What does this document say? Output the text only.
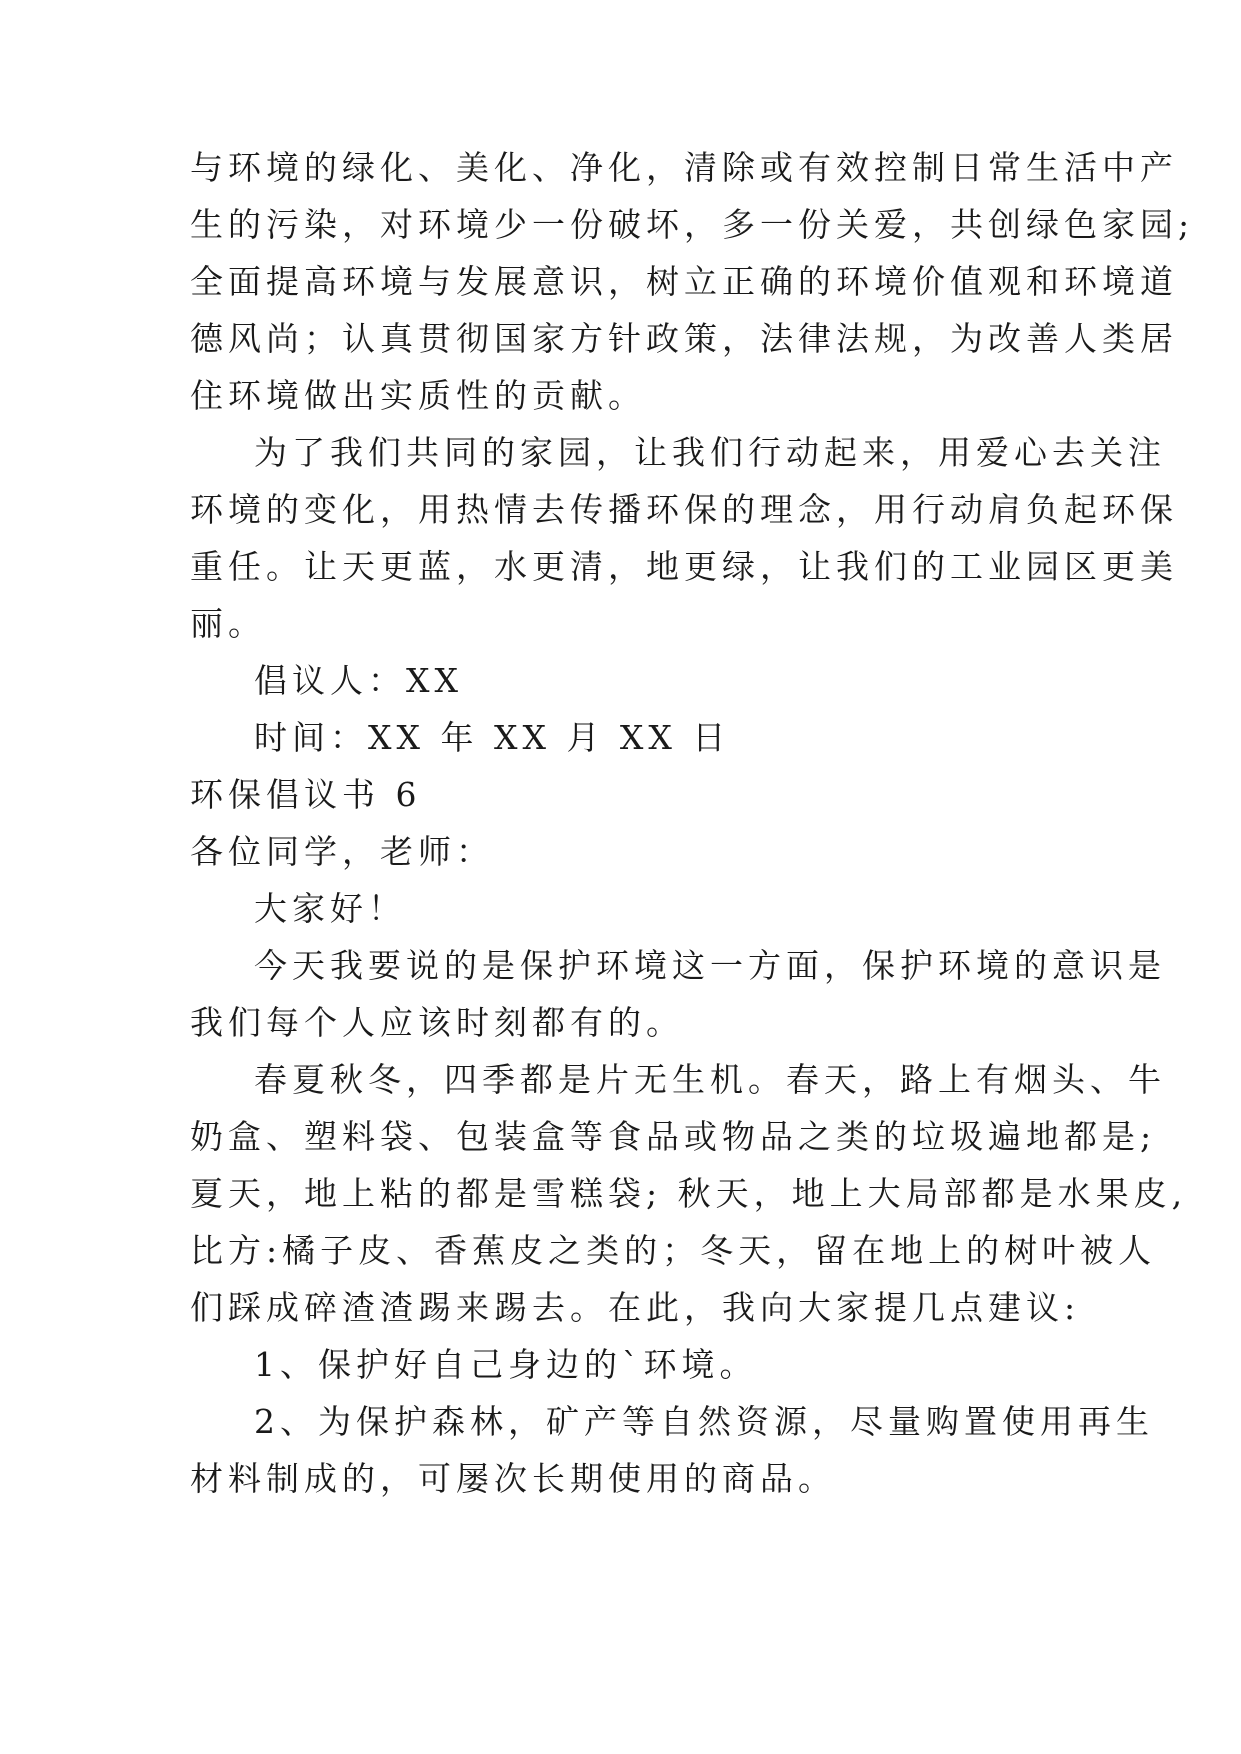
与环境的绿化、美化、净化，清除或有效控制日常生活中产
生的污染，对环境少一份破坏，多一份关爱，共创绿色家园;
全面提高环境与发展意识，树立正确的环境价值观和环境道
德风尚；认真贯彻国家方针政策，法律法规，为改善人类居
住环境做出实质性的贡献。
为了我们共同的家园，让我们行动起来，用爱心去关注
环境的变化，用热情去传播环保的理念，用行动肩负起环保
重任。让天更蓝，水更清，地更绿，让我们的工业园区更美
丽。
倡议人：XX
时间：XX 年 XX 月 XX 日
环保倡议书 6
各位同学，老师：
大家好！
今天我要说的是保护环境这一方面，保护环境的意识是
我们每个人应该时刻都有的。
春夏秋冬，四季都是片无生机。春天，路上有烟头、牛
奶盒、塑料袋、包装盒等食品或物品之类的垃圾遍地都是;
夏天，地上粘的都是雪糕袋; 秋天，地上大局部都是水果皮,
比方:橘子皮、香蕉皮之类的；冬天，留在地上的树叶被人
们踩成碎渣渣踢来踢去。在此，我向大家提几点建议:
1、保护好自己身边的`环境。
2、为保护森林，矿产等自然资源，尽量购置使用再生
材料制成的，可屡次长期使用的商品。
